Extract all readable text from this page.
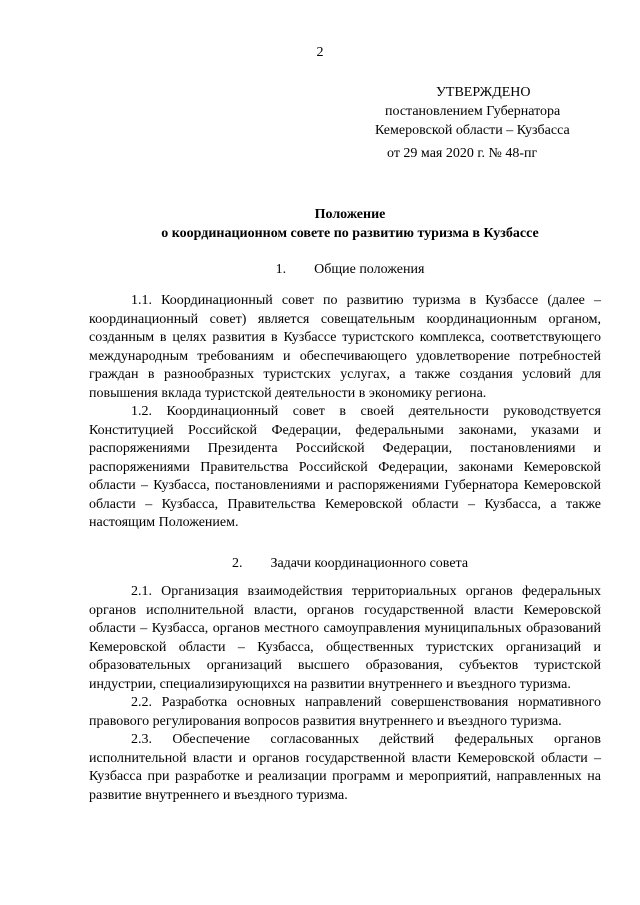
2
УТВЕРЖДЕНО
постановлением Губернатора
Кемеровской области – Кузбасса
от 29 мая 2020 г. № 48-пг
Положение
о координационном совете по развитию туризма в Кузбассе
1.        Общие положения

1.1. Координационный совет по развитию туризма в Кузбассе (далее – координационный совет) является совещательным координационным органом, созданным в целях развития в Кузбассе туристского комплекса, соответствующего международным требованиям и обеспечивающего удовлетворение потребностей граждан в разнообразных туристских услугах, а также создания условий для повышения вклада туристской деятельности в экономику региона.

1.2. Координационный совет в своей деятельности руководствуется Конституцией Российской Федерации, федеральными законами, указами и распоряжениями Президента Российской Федерации, постановлениями и распоряжениями Правительства Российской Федерации, законами Кемеровской области – Кузбасса, постановлениями и распоряжениями Губернатора Кемеровской области – Кузбасса, Правительства Кемеровской области – Кузбасса, а также настоящим Положением.

2.        Задачи координационного совета

2.1. Организация взаимодействия территориальных органов федеральных органов исполнительной власти, органов государственной власти Кемеровской области – Кузбасса, органов местного самоуправления муниципальных образований Кемеровской области – Кузбасса, общественных туристских организаций и образовательных организаций высшего образования, субъектов туристской индустрии, специализирующихся на развитии внутреннего и въездного туризма.

2.2. Разработка основных направлений совершенствования нормативного правового регулирования вопросов развития внутреннего и въездного туризма.

2.3. Обеспечение согласованных действий федеральных органов исполнительной власти и органов государственной власти Кемеровской области – Кузбасса при разработке и реализации программ и мероприятий, направленных на развитие внутреннего и въездного туризма.
